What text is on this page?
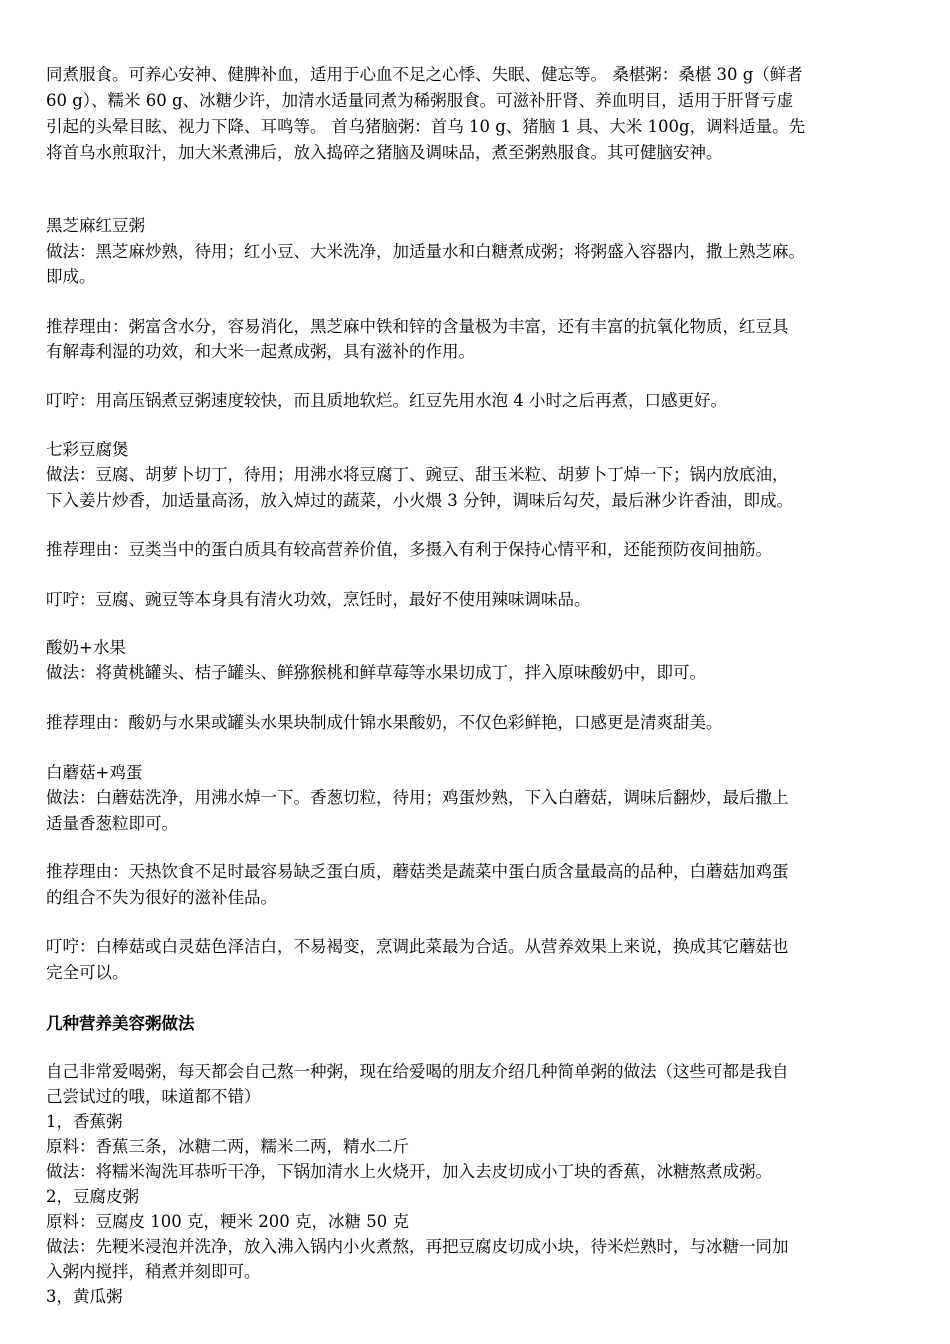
同煮服食。可养心安神、健脾补血，适用于心血不足之心悸、失眠、健忘等。 桑椹粥：桑椹 30 g（鲜者
60 g）、糯米 60 g、冰糖少许，加清水适量同煮为稀粥服食。可滋补肝肾、养血明目，适用于肝肾亏虚
引起的头晕目眩、视力下降、耳鸣等。 首乌猪脑粥：首乌 10 g、猪脑 1 具、大米 100g，调料适量。先
将首乌水煎取汁，加大米煮沸后，放入捣碎之猪脑及调味品，煮至粥熟服食。其可健脑安神。
黑芝麻红豆粥
做法：黑芝麻炒熟，待用；红小豆、大米洗净，加适量水和白糖煮成粥；将粥盛入容器内，撒上熟芝麻。
即成。
推荐理由：粥富含水分，容易消化，黑芝麻中铁和锌的含量极为丰富，还有丰富的抗氧化物质，红豆具
有解毒利湿的功效，和大米一起煮成粥，具有滋补的作用。
叮咛：用高压锅煮豆粥速度较快，而且质地软烂。红豆先用水泡 4 小时之后再煮，口感更好。
七彩豆腐煲
做法：豆腐、胡萝卜切丁，待用；用沸水将豆腐丁、豌豆、甜玉米粒、胡萝卜丁焯一下；锅内放底油，
下入姜片炒香，加适量高汤，放入焯过的蔬菜，小火煨 3 分钟，调味后勾芡，最后淋少许香油，即成。
推荐理由：豆类当中的蛋白质具有较高营养价值，多摄入有利于保持心情平和，还能预防夜间抽筋。
叮咛：豆腐、豌豆等本身具有清火功效，烹饪时，最好不使用辣味调味品。
酸奶+水果
做法：将黄桃罐头、桔子罐头、鲜猕猴桃和鲜草莓等水果切成丁，拌入原味酸奶中，即可。
推荐理由：酸奶与水果或罐头水果块制成什锦水果酸奶，不仅色彩鲜艳，口感更是清爽甜美。
白蘑菇+鸡蛋
做法：白蘑菇洗净，用沸水焯一下。香葱切粒，待用；鸡蛋炒熟，下入白蘑菇，调味后翻炒，最后撒上
适量香葱粒即可。
推荐理由：天热饮食不足时最容易缺乏蛋白质，蘑菇类是蔬菜中蛋白质含量最高的品种，白蘑菇加鸡蛋
的组合不失为很好的滋补佳品。
叮咛：白棒菇或白灵菇色泽洁白，不易褐变，烹调此菜最为合适。从营养效果上来说，换成其它蘑菇也
完全可以。
几种营养美容粥做法
自己非常爱喝粥，每天都会自己熬一种粥，现在给爱喝的朋友介绍几种简单粥的做法（这些可都是我自
己尝试过的哦，味道都不错）
1，香蕉粥
原料：香蕉三条，冰糖二两，糯米二两，精水二斤
做法：将糯米淘洗耳恭听干净，下锅加清水上火烧开，加入去皮切成小丁块的香蕉，冰糖熬煮成粥。
2，豆腐皮粥
原料：豆腐皮 100 克，粳米 200 克，冰糖 50 克
做法：先粳米浸泡并洗净，放入沸入锅内小火煮熬，再把豆腐皮切成小块，待米烂熟时，与冰糖一同加
入粥内搅拌，稍煮并刻即可。
3，黄瓜粥
